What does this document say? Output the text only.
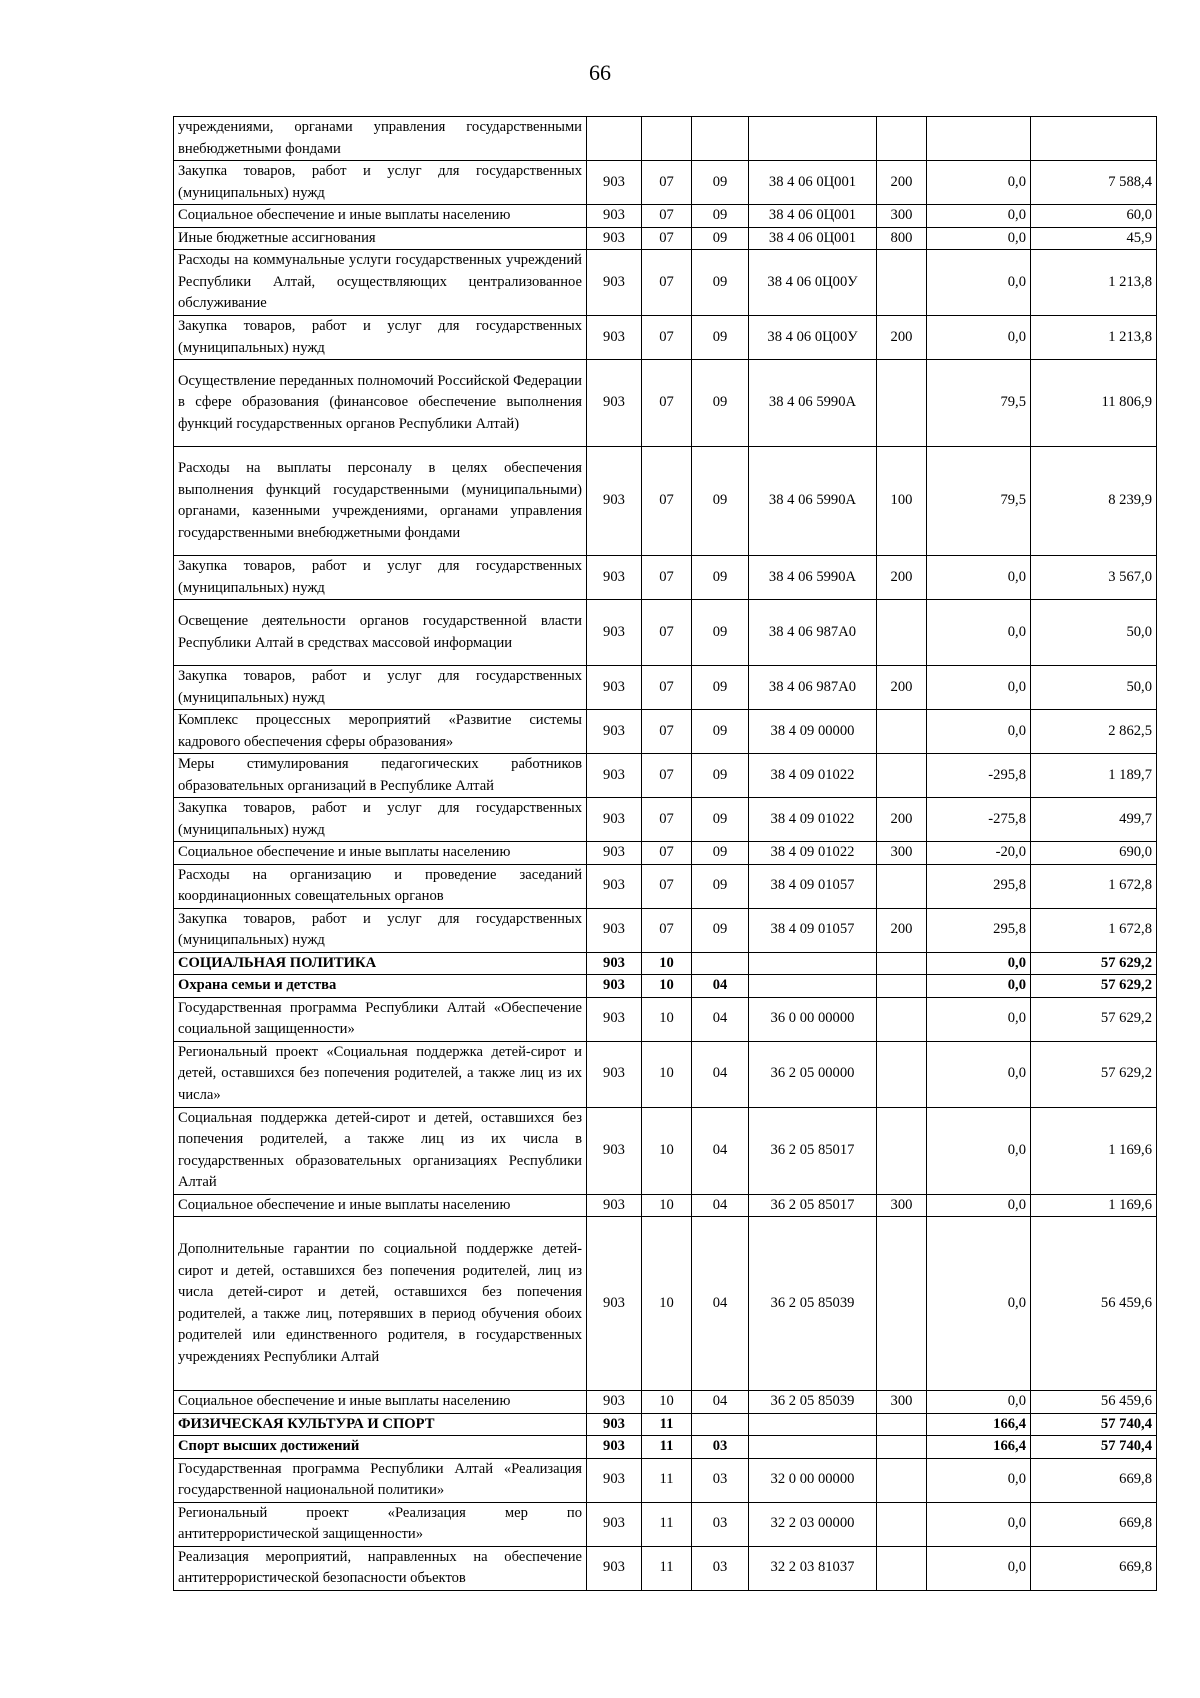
66
учреждениями, органами управления государственными внебюджетными фондами							
Закупка товаров, работ и услуг для государственных (муниципальных) нужд	903	07	09	38 4 06 0Ц001	200	0,0	7 588,4
Социальное обеспечение и иные выплаты населению	903	07	09	38 4 06 0Ц001	300	0,0	60,0
Иные бюджетные ассигнования	903	07	09	38 4 06 0Ц001	800	0,0	45,9
Расходы на коммунальные услуги государственных учреждений Республики Алтай, осуществляющих централизованное обслуживание	903	07	09	38 4 06 0Ц00У		0,0	1 213,8
Закупка товаров, работ и услуг для государственных (муниципальных) нужд	903	07	09	38 4 06 0Ц00У	200	0,0	1 213,8
Осуществление переданных полномочий Российской Федерации в сфере образования (финансовое обеспечение выполнения функций государственных органов Республики Алтай)	903	07	09	38 4 06 5990А		79,5	11 806,9
Расходы на выплаты персоналу в целях обеспечения выполнения функций государственными (муниципальными) органами, казенными учреждениями, органами управления государственными внебюджетными фондами	903	07	09	38 4 06 5990А	100	79,5	8 239,9
Закупка товаров, работ и услуг для государственных (муниципальных) нужд	903	07	09	38 4 06 5990А	200	0,0	3 567,0
Освещение деятельности органов государственной власти Республики Алтай в средствах массовой информации	903	07	09	38 4 06 987А0		0,0	50,0
Закупка товаров, работ и услуг для государственных (муниципальных) нужд	903	07	09	38 4 06 987А0	200	0,0	50,0
Комплекс процессных мероприятий «Развитие системы кадрового обеспечения сферы образования»	903	07	09	38 4 09 00000		0,0	2 862,5
Меры стимулирования педагогических работников образовательных организаций в Республике Алтай	903	07	09	38 4 09 01022		-295,8	1 189,7
Закупка товаров, работ и услуг для государственных (муниципальных) нужд	903	07	09	38 4 09 01022	200	-275,8	499,7
Социальное обеспечение и иные выплаты населению	903	07	09	38 4 09 01022	300	-20,0	690,0
Расходы на организацию и проведение заседаний координационных совещательных органов	903	07	09	38 4 09 01057		295,8	1 672,8
Закупка товаров, работ и услуг для государственных (муниципальных) нужд	903	07	09	38 4 09 01057	200	295,8	1 672,8
СОЦИАЛЬНАЯ ПОЛИТИКА	903	10				0,0	57 629,2
Охрана семьи и детства	903	10	04			0,0	57 629,2
Государственная программа Республики Алтай «Обеспечение социальной защищенности»	903	10	04	36 0 00 00000		0,0	57 629,2
Региональный проект «Социальная поддержка детей-сирот и детей, оставшихся без попечения родителей, а также лиц из их числа»	903	10	04	36 2 05 00000		0,0	57 629,2
Социальная поддержка детей-сирот и детей, оставшихся без попечения родителей, а также лиц из их числа в государственных образовательных организациях Республики Алтай	903	10	04	36 2 05 85017		0,0	1 169,6
Социальное обеспечение и иные выплаты населению	903	10	04	36 2 05 85017	300	0,0	1 169,6
Дополнительные гарантии по социальной поддержке детей-сирот и детей, оставшихся без попечения родителей, лиц из числа детей-сирот и детей, оставшихся без попечения родителей, а также лиц, потерявших в период обучения обоих родителей или единственного родителя, в государственных учреждениях Республики Алтай	903	10	04	36 2 05 85039		0,0	56 459,6
Социальное обеспечение и иные выплаты населению	903	10	04	36 2 05 85039	300	0,0	56 459,6
ФИЗИЧЕСКАЯ КУЛЬТУРА И СПОРТ	903	11				166,4	57 740,4
Спорт высших достижений	903	11	03			166,4	57 740,4
Государственная программа Республики Алтай «Реализация государственной национальной политики»	903	11	03	32 0 00 00000		0,0	669,8
Региональный проект «Реализация мер по антитеррористической защищенности»	903	11	03	32 2 03 00000		0,0	669,8
Реализация мероприятий, направленных на обеспечение антитеррористической безопасности объектов	903	11	03	32 2 03 81037		0,0	669,8
